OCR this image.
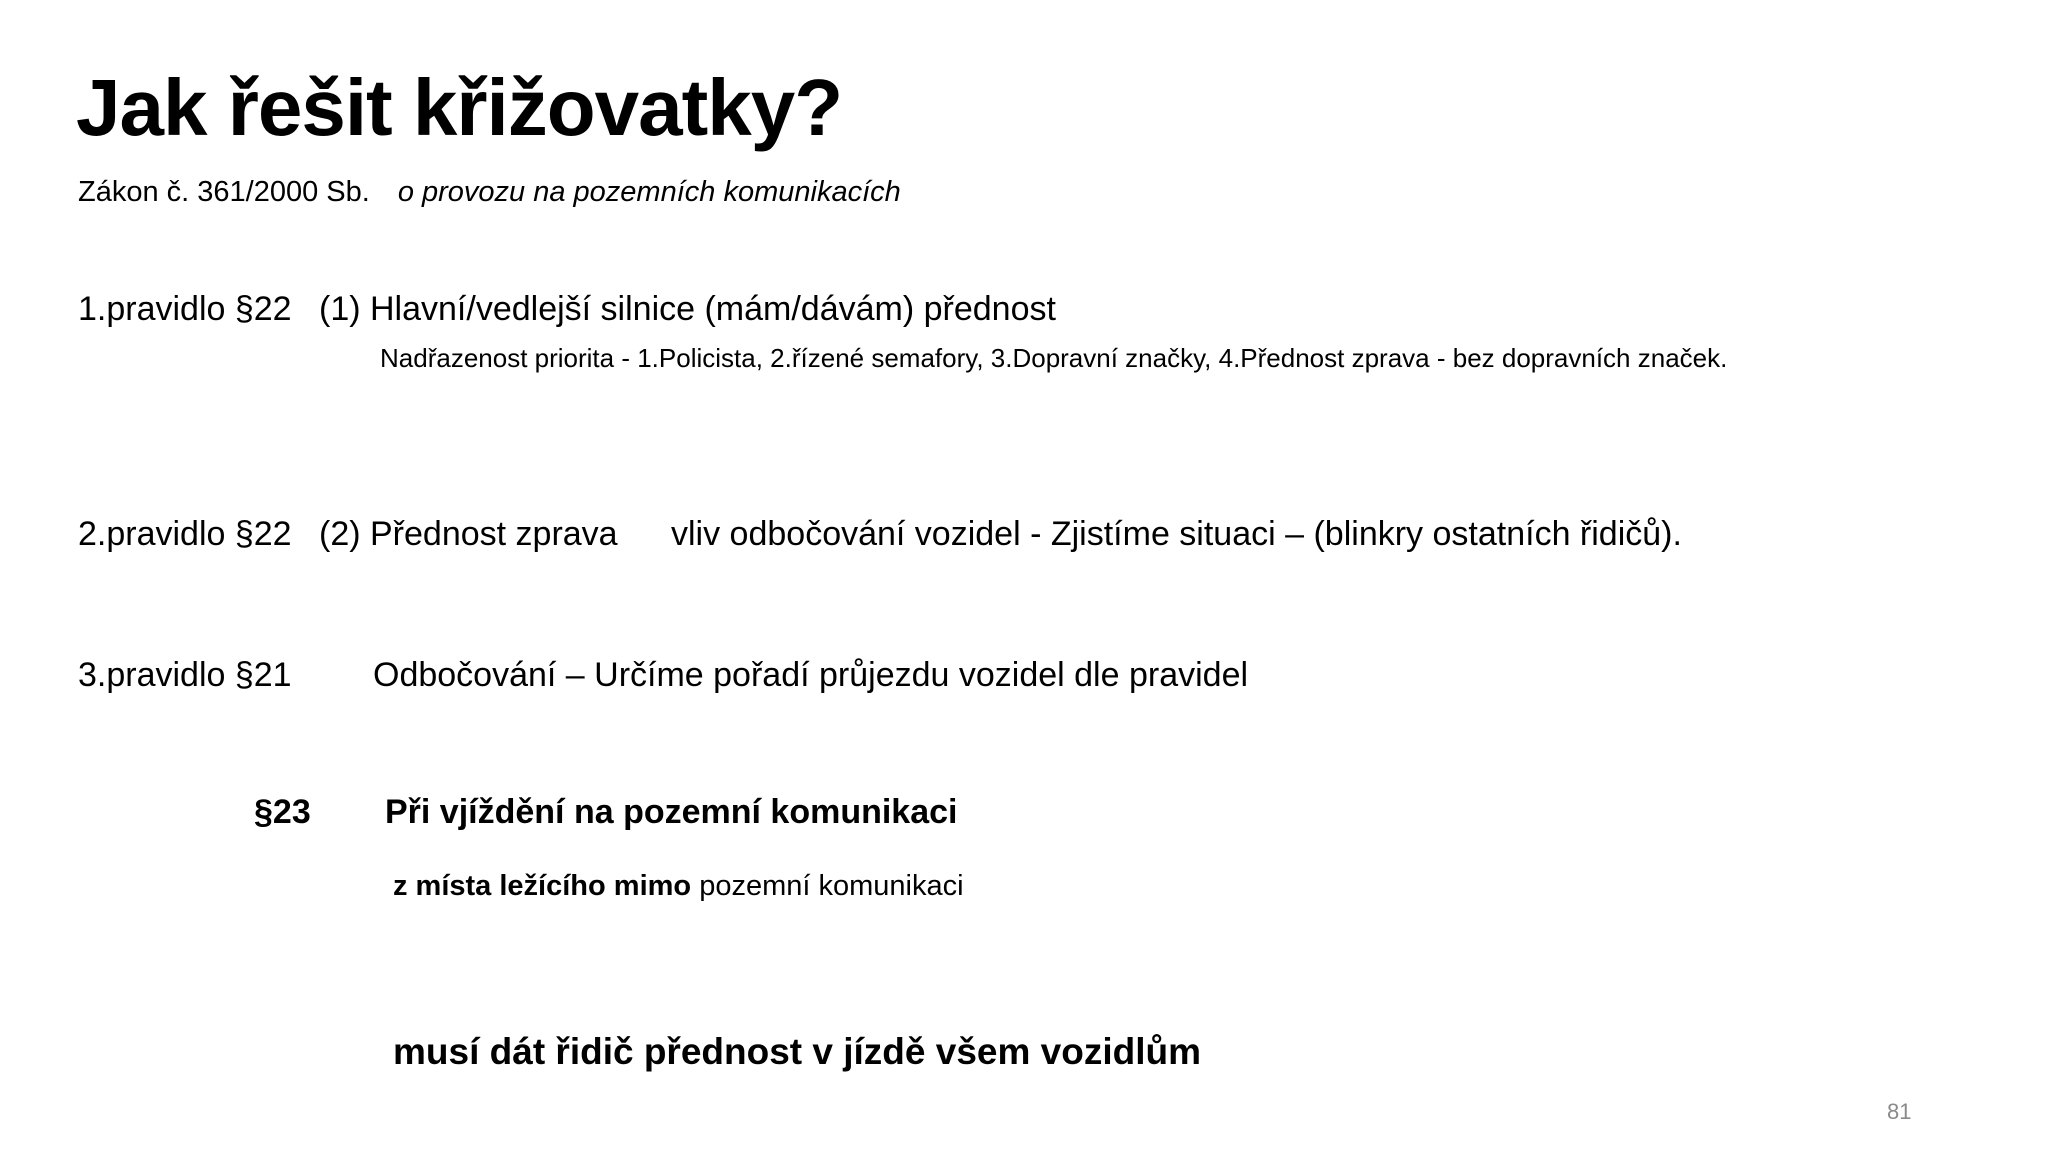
Jak řešit křižovatky?
Zákon č. 361/2000 Sb. o provozu na pozemních komunikacích
1.pravidlo §22 (1) Hlavní/vedlejší silnice (mám/dávám) přednost
Nadřazenost priorita - 1.Policista, 2.řízené semafory, 3.Dopravní značky, 4.Přednost zprava - bez dopravních značek.
2.pravidlo §22 (2) Přednost zprava vliv odbočování vozidel - Zjistíme situaci – (blinkry ostatních řidičů).
3.pravidlo §21 Odbočování – Určíme pořadí průjezdu vozidel dle pravidel
§23 Při vjíždění na pozemní komunikaci
z místa ležícího mimo pozemní komunikaci
musí dát řidič přednost v jízdě všem vozidlům
81
